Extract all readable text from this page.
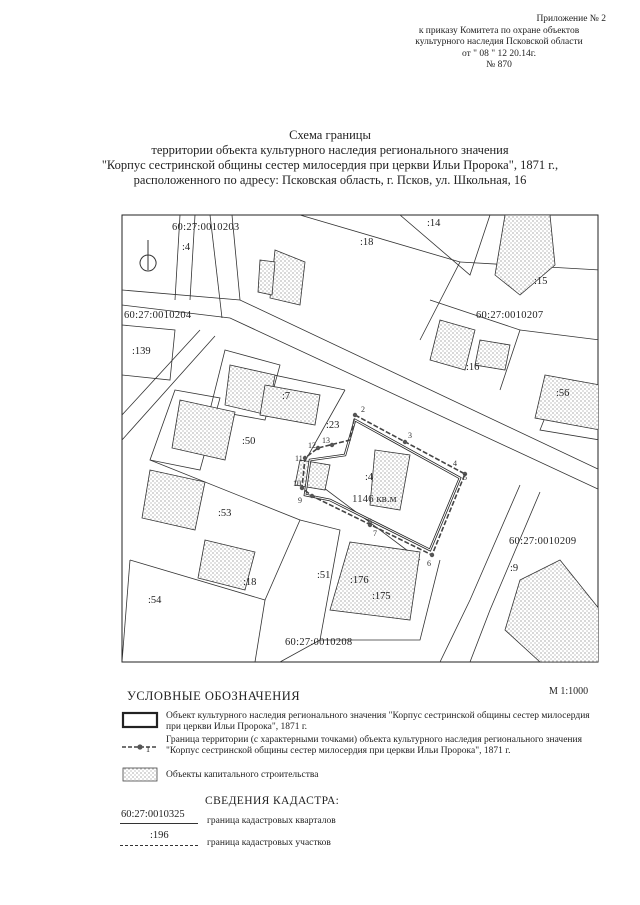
Приложение № 2
к приказу Комитета по охране объектов
культурного наследия Псковской области
от " 08 " 12 20.14г.
№ 870
Схема границы
территории объекта культурного наследия регионального значения
"Корпус сестринской общины сестер милосердия при церкви Ильи Пророка", 1871 г.,
расположенного по адресу: Псковская область, г. Псков, ул. Школьная, 16
60:27:0010203
60:27:0010204	60:27:0010207
60:27:0010209
60:27:0010208
:4	:18
:14
:15
:139
:16
:56
:7
:23
:50
:4
:53
:18
:51 :176
:175
:9
:54
1146 кв.м
2
3
4
5
6
7
8
9
10
11
12
13
1
УСЛОВНЫЕ ОБОЗНАЧЕНИЯ	М 1:1000
Объект культурного наследия регионального значения "Корпус сестринской общины сестер милосердия при церкви Ильи Пророка", 1871 г.
Граница территории (с характерными точками) объекта культурного наследия регионального значения "Корпус сестринской общины сестер милосердия при церкви Ильи Пророка", 1871 г.
Объекты капитального строительства
СВЕДЕНИЯ КАДАСТРА:
60:27:0010325
граница кадастровых кварталов
:196
граница кадастровых участков
